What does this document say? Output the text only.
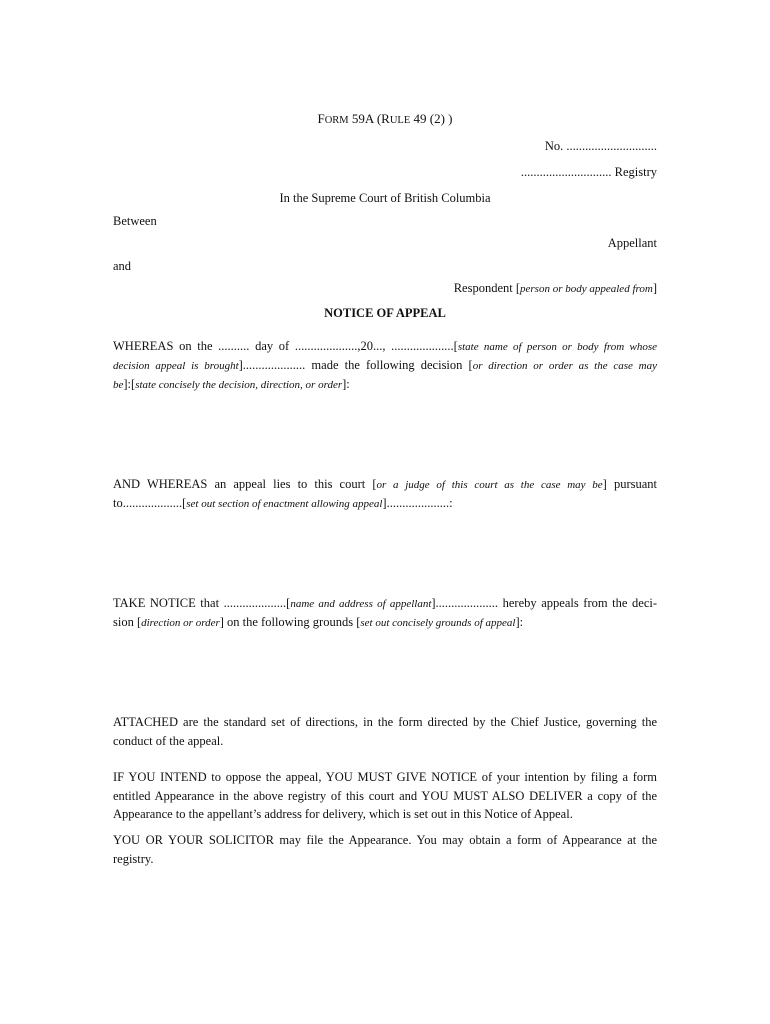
FORM 59A (RULE 49 (2) )
No. .............................
............................. Registry
In the Supreme Court of British Columbia
Between
Appellant
and
Respondent [person or body appealed from]
NOTICE OF APPEAL
WHEREAS on the .......... day of ....................,20..., ....................[state name of person or body from whose
decision appeal is brought].................... made the following decision [or direction or order as the case may
be]:[state concisely the decision, direction, or order]:
AND WHEREAS an appeal lies to this court [or a judge of this court as the case may be] pursuant
to...................[set out section of enactment allowing appeal]....................:
TAKE NOTICE that ....................[name and address of appellant].................... hereby appeals from the deci-
sion [direction or order] on the following grounds [set out concisely grounds of appeal]:
ATTACHED are the standard set of directions, in the form directed by the Chief Justice, governing the
conduct of the appeal.
IF YOU INTEND to oppose the appeal, YOU MUST GIVE NOTICE of your intention by filing a form
entitled Appearance in the above registry of this court and YOU MUST ALSO DELIVER a copy of the
Appearance to the appellant’s address for delivery, which is set out in this Notice of Appeal.
YOU OR YOUR SOLICITOR may file the Appearance. You may obtain a form of Appearance at the
registry.
